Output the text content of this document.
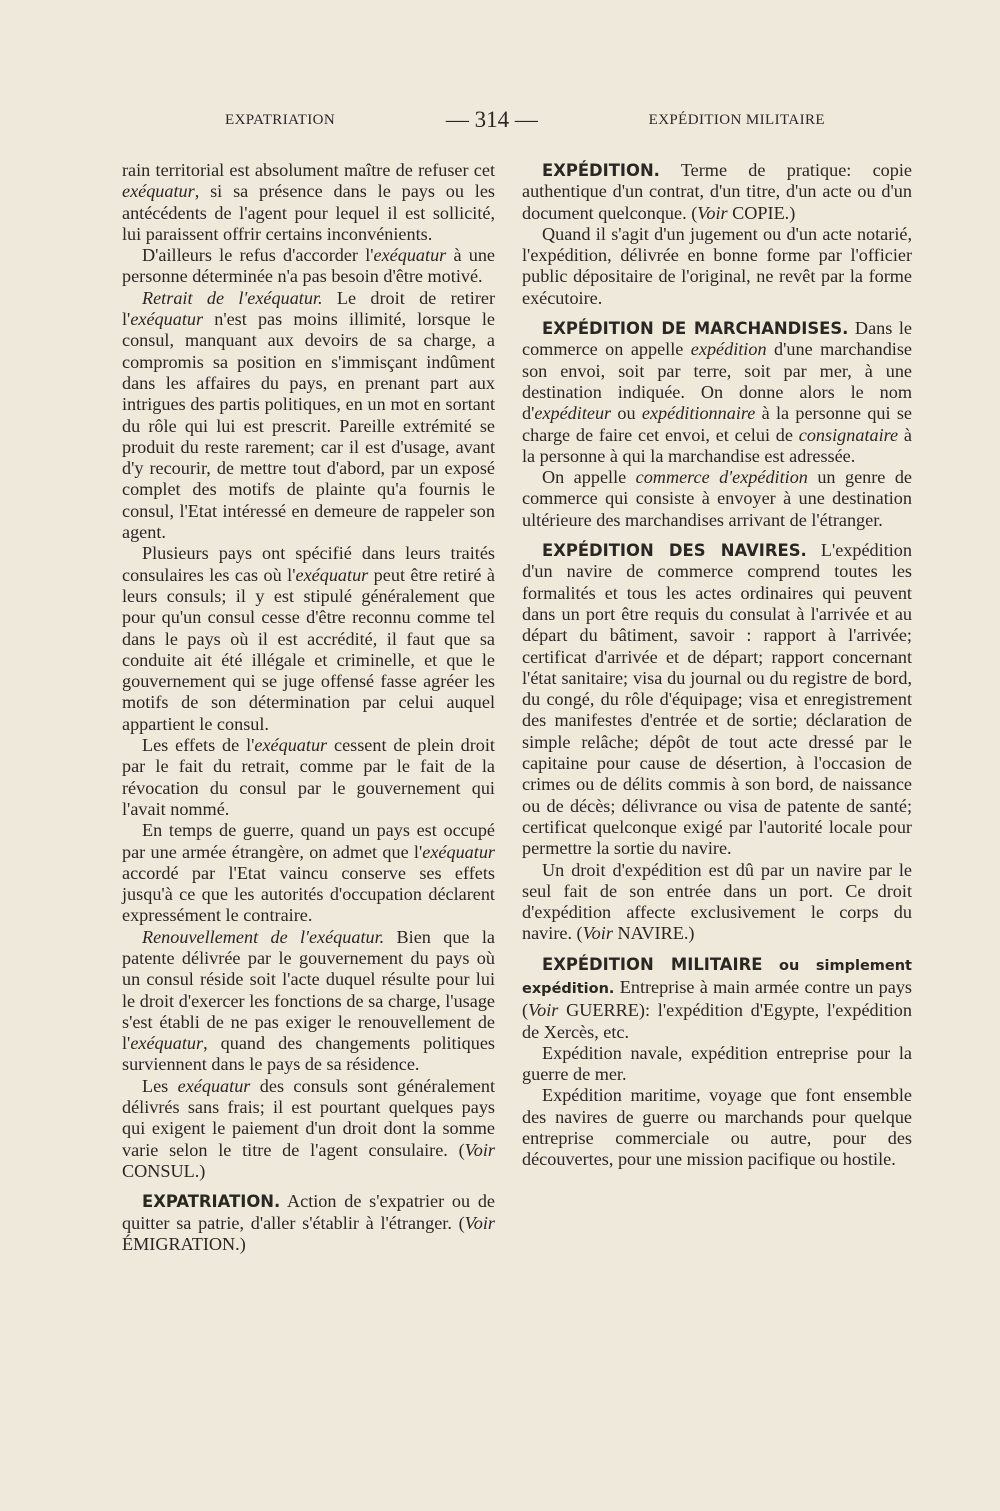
EXPATRIATION	— 314 —	EXPÉDITION MILITAIRE

rain territorial est absolument maître de refuser cet exéquatur, si sa présence dans le pays ou les antécédents de l'agent pour lequel il est sollicité, lui paraissent offrir certains inconvénients.

D'ailleurs le refus d'accorder l'exéquatur à une personne déterminée n'a pas besoin d'être motivé.

Retrait de l'exéquatur. Le droit de retirer l'exéquatur n'est pas moins illimité, lorsque le consul, manquant aux devoirs de sa charge, a compromis sa position en s'immisçant indûment dans les affaires du pays, en prenant part aux intrigues des partis politiques, en un mot en sortant du rôle qui lui est prescrit. Pareille extrémité se produit du reste rarement; car il est d'usage, avant d'y recourir, de mettre tout d'abord, par un exposé complet des motifs de plainte qu'a fournis le consul, l'Etat intéressé en demeure de rappeler son agent.

Plusieurs pays ont spécifié dans leurs traités consulaires les cas où l'exéquatur peut être retiré à leurs consuls; il y est stipulé généralement que pour qu'un consul cesse d'être reconnu comme tel dans le pays où il est accrédité, il faut que sa conduite ait été illégale et criminelle, et que le gouvernement qui se juge offensé fasse agréer les motifs de son détermination par celui auquel appartient le consul.

Les effets de l'exéquatur cessent de plein droit par le fait du retrait, comme par le fait de la révocation du consul par le gouvernement qui l'avait nommé.

En temps de guerre, quand un pays est occupé par une armée étrangère, on admet que l'exéquatur accordé par l'Etat vaincu conserve ses effets jusqu'à ce que les autorités d'occupation déclarent expressément le contraire.

Renouvellement de l'exéquatur. Bien que la patente délivrée par le gouvernement du pays où un consul réside soit l'acte duquel résulte pour lui le droit d'exercer les fonctions de sa charge, l'usage s'est établi de ne pas exiger le renouvellement de l'exéquatur, quand des changements politiques surviennent dans le pays de sa résidence.

Les exéquatur des consuls sont généralement délivrés sans frais; il est pourtant quelques pays qui exigent le paiement d'un droit dont la somme varie selon le titre de l'agent consulaire. (Voir CONSUL.)

EXPATRIATION. Action de s'expatrier ou de quitter sa patrie, d'aller s'établir à l'étranger. (Voir ÉMIGRATION.)

EXPÉDITION. Terme de pratique: copie authentique d'un contrat, d'un titre, d'un acte ou d'un document quelconque. (Voir COPIE.)

Quand il s'agit d'un jugement ou d'un acte notarié, l'expédition, délivrée en bonne forme par l'officier public dépositaire de l'original, ne revêt par la forme exécutoire.

EXPÉDITION DE MARCHANDISES. Dans le commerce on appelle expédition d'une marchandise son envoi, soit par terre, soit par mer, à une destination indiquée. On donne alors le nom d'expéditeur ou expéditionnaire à la personne qui se charge de faire cet envoi, et celui de consignataire à la personne à qui la marchandise est adressée.

On appelle commerce d'expédition un genre de commerce qui consiste à envoyer à une destination ultérieure des marchandises arrivant de l'étranger.

EXPÉDITION DES NAVIRES. L'expédition d'un navire de commerce comprend toutes les formalités et tous les actes ordinaires qui peuvent dans un port être requis du consulat à l'arrivée et au départ du bâtiment, savoir : rapport à l'arrivée; certificat d'arrivée et de départ; rapport concernant l'état sanitaire; visa du journal ou du registre de bord, du congé, du rôle d'équipage; visa et enregistrement des manifestes d'entrée et de sortie; déclaration de simple relâche; dépôt de tout acte dressé par le capitaine pour cause de désertion, à l'occasion de crimes ou de délits commis à son bord, de naissance ou de décès; délivrance ou visa de patente de santé; certificat quelconque exigé par l'autorité locale pour permettre la sortie du navire.

Un droit d'expédition est dû par un navire par le seul fait de son entrée dans un port. Ce droit d'expédition affecte exclusivement le corps du navire. (Voir NAVIRE.)

EXPÉDITION MILITAIRE ou simplement expédition. Entreprise à main armée contre un pays (Voir GUERRE): l'expédition d'Egypte, l'expédition de Xercès, etc.

Expédition navale, expédition entreprise pour la guerre de mer.

Expédition maritime, voyage que font ensemble des navires de guerre ou marchands pour quelque entreprise commerciale ou autre, pour des découvertes, pour une mission pacifique ou hostile.
